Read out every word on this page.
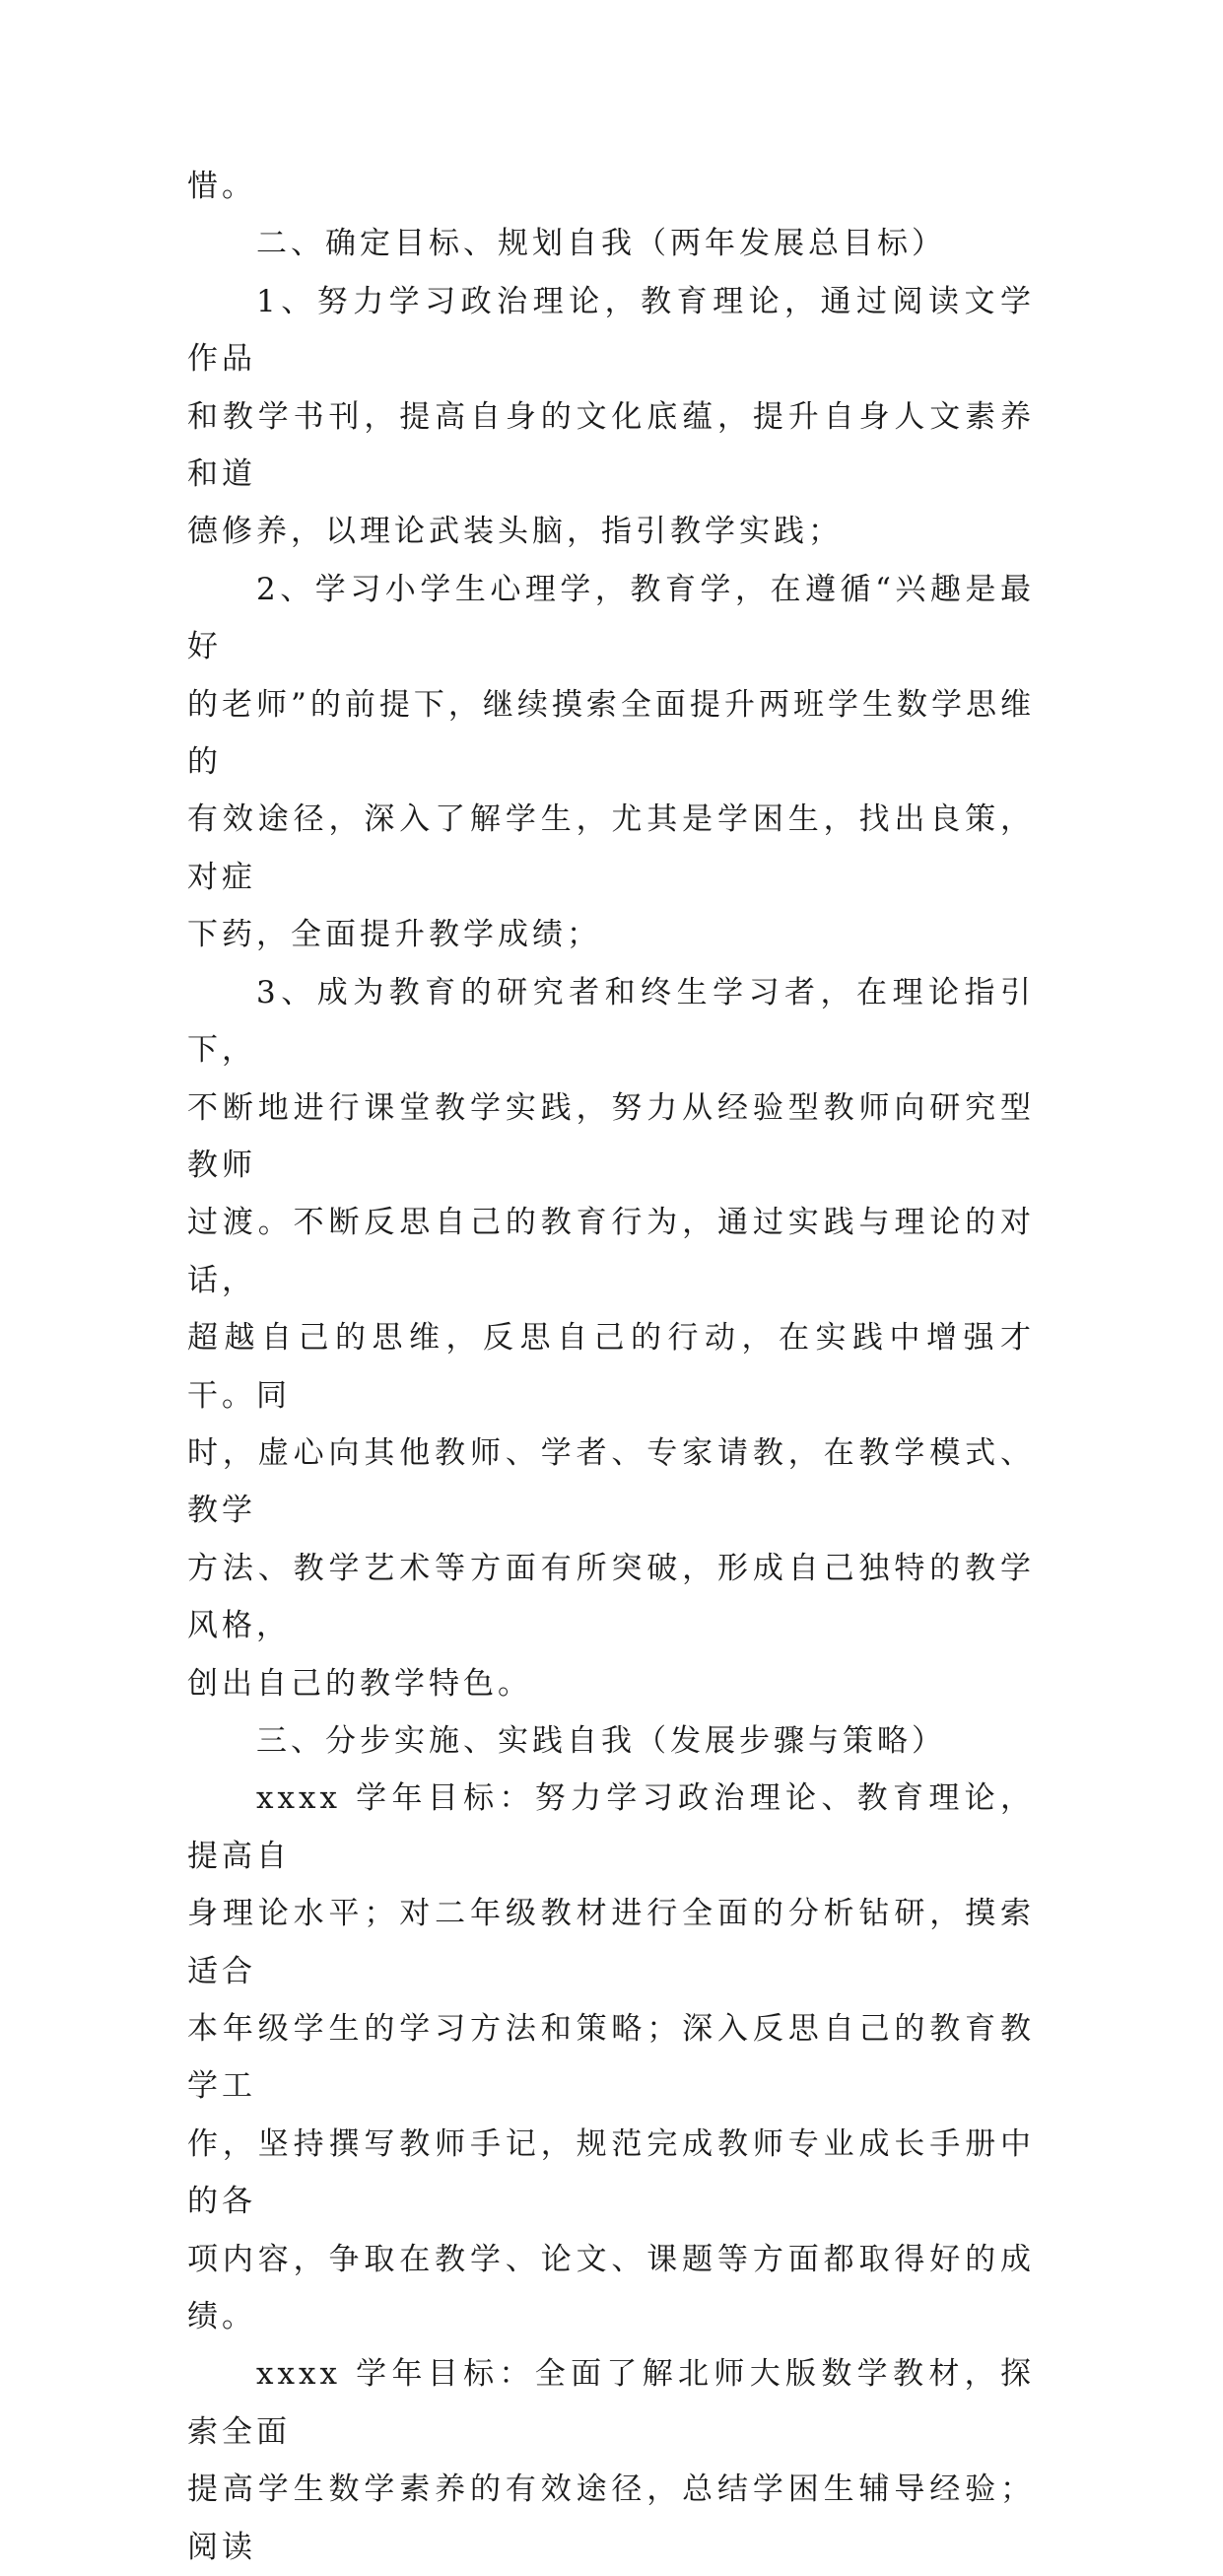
惜。

二、确定目标、规划自我（两年发展总目标）

1、努力学习政治理论，教育理论，通过阅读文学作品
和教学书刊，提高自身的文化底蕴，提升自身人文素养和道
德修养，以理论武装头脑，指引教学实践；

2、学习小学生心理学，教育学，在遵循“兴趣是最好
的老师”的前提下，继续摸索全面提升两班学生数学思维的
有效途径，深入了解学生，尤其是学困生，找出良策，对症
下药，全面提升教学成绩；

3、成为教育的研究者和终生学习者，在理论指引下，
不断地进行课堂教学实践，努力从经验型教师向研究型教师
过渡。不断反思自己的教育行为，通过实践与理论的对话，
超越自己的思维，反思自己的行动，在实践中增强才干。同
时，虚心向其他教师、学者、专家请教，在教学模式、教学
方法、教学艺术等方面有所突破，形成自己独特的教学风格，
创出自己的教学特色。

三、分步实施、实践自我（发展步骤与策略）

xxxx 学年目标：努力学习政治理论、教育理论，提高自
身理论水平；对二年级教材进行全面的分析钻研，摸索适合
本年级学生的学习方法和策略；深入反思自己的教育教学工
作，坚持撰写教师手记，规范完成教师专业成长手册中的各
项内容，争取在教学、论文、课题等方面都取得好的成绩。

xxxx 学年目标：全面了解北师大版数学教材，探索全面
提高学生数学素养的有效途径，总结学困生辅导经验；阅读
